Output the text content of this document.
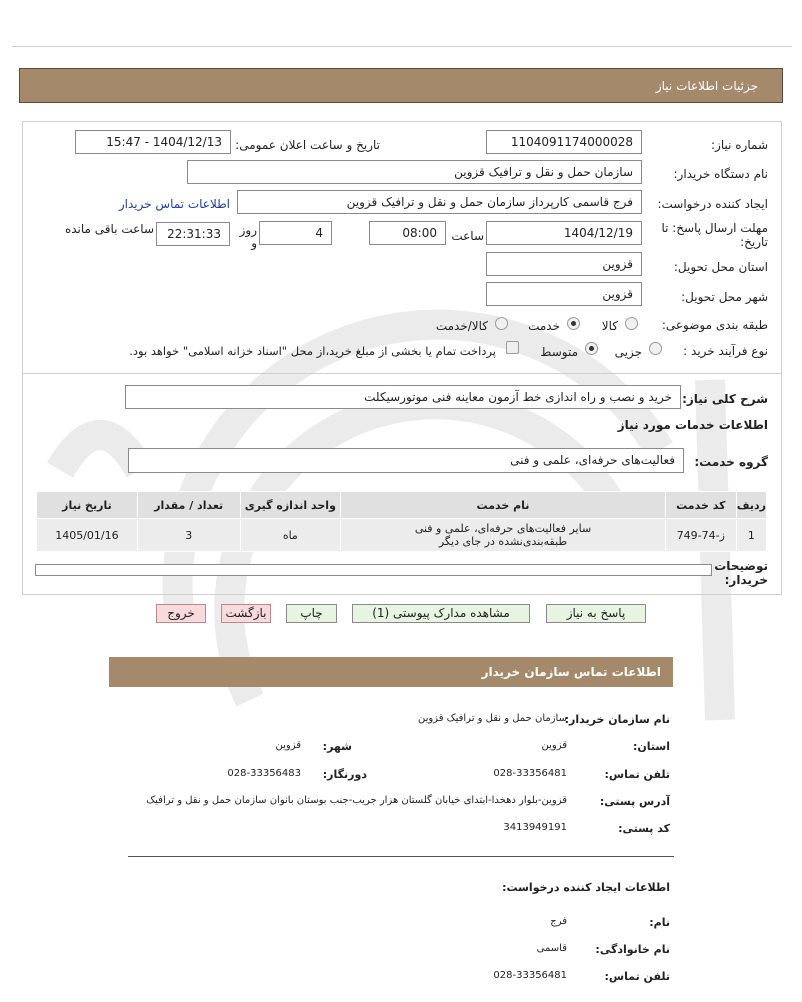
جزئیات اطلاعات نیاز
شماره نیاز:
1104091174000028
تاریخ و ساعت اعلان عمومی:
1404/12/13 - 15:47
نام دستگاه خریدار:
سازمان حمل و نقل و ترافیک قزوین
ایجاد کننده درخواست:
فرج قاسمی کارپرداز سازمان حمل و نقل و ترافیک قزوین
اطلاعات تماس خریدار
مهلت ارسال پاسخ: تا
تاریخ:
1404/12/19
ساعت
08:00
4
روز
و
22:31:33
ساعت باقی مانده
استان محل تحویل:
قزوین
شهر محل تحویل:
قزوین
طبقه بندی موضوعی:
کالا
خدمت
کالا/خدمت
نوع فرآیند خرید :
جزیی
متوسط
پرداخت تمام یا بخشی از مبلغ خرید،از محل "اسناد خزانه اسلامی" خواهد بود.
شرح کلی نیاز:
خرید و نصب و راه اندازی خط آزمون معاینه فنی موتورسیکلت
اطلاعات خدمات مورد نیاز
گروه خدمت:
فعالیت‌های حرفه‌ای، علمی و فنی
ردیف	کد خدمت	نام خدمت	واحد اندازه گیری	تعداد / مقدار	تاریخ نیاز
1	ز-74-749	سایر فعالیت‌های حرفه‌ای، علمی و فنی
طبقه‌بندی‌نشده در جای دیگر	ماه	3	1405/01/16
توضیحات
خریدار:
پاسخ به نیاز
مشاهده مدارک پیوستی (1)
چاپ
بازگشت
خروج
اطلاعات تماس سازمان خریدار
نام سازمان خریدار:
سازمان حمل و نقل و ترافیک قزوین
استان:
قزوین
شهر:
قزوین
تلفن تماس:
028-33356481
دورنگار:
028-33356483
آدرس پستی:
قزوین-بلوار دهخدا-ابتدای خیابان گلستان هزار جریب-جنب بوستان بانوان سازمان حمل و نقل و ترافیک
کد پستی:
3413949191
اطلاعات ایجاد کننده درخواست:
نام:
فرج
نام خانوادگی:
قاسمی
تلفن تماس:
028-33356481
